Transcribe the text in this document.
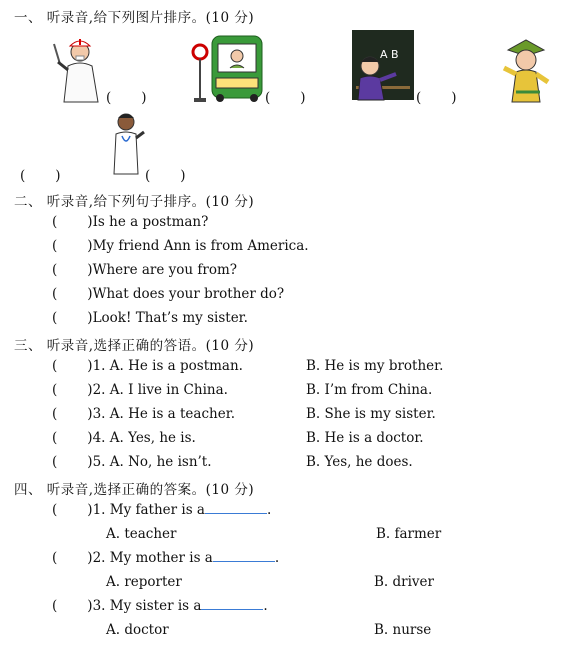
一、 听录音,给下列图片排序。(10 分)
(       )	(       )
A B
(       )
(       )	(       )
二、 听录音,给下列句子排序。(10 分)
(       )Is he a postman?
(       )My friend Ann is from America.
(       )Where are you from?
(       )What does your brother do?
(       )Look! That’s my sister.
三、 听录音,选择正确的答语。(10 分)
(       )1. A. He is a postman.	B. He is my brother.
(       )2. A. I live in China.	B. I’m from China.
(       )3. A. He is a teacher.	B. She is my sister.
(       )4. A. Yes, he is.	B. He is a doctor.
(       )5. A. No, he isn’t.	B. Yes, he does.
四、 听录音,选择正确的答案。(10 分)
(       )1. My father is a	.
A. teacher	B. farmer
(       )2. My mother is a	.
A. reporter	B. driver
(       )3. My sister is a	.
A. doctor	B. nurse
